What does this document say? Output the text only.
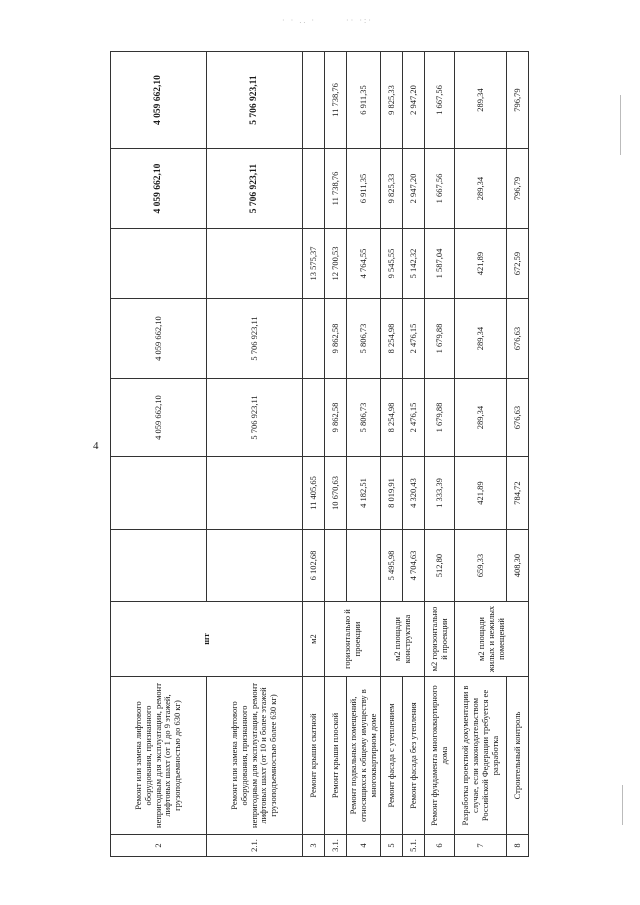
· · .. ·	·· ·:·
4
2	Ремонт или замена лифтового оборудования, признанного непригодным для эксплуатации, ремонт лифтовых шахт (от 1 до 9 этажей, грузоподъемностью до 630 кг)	шт			4 059 662,10	4 059 662,10		4 059 662,10	4 059 662,10
2.1.	Ремонт или замена лифтового оборудования, признанного непригодным для эксплуатации, ремонт лифтовых шахт (от 10 и более этажей грузоподъемностью более 630 кг)				5 706 923,11	5 706 923,11		5 706 923,11	5 706 923,11
3	Ремонт крыши скатной	м2	6 102,68	11 405,65			13 575,37		
3.1.	Ремонт крыши плоской	горизонтально й проекции		10 670,63	9 862,58	9 862,58	12 700,53	11 738,76	11 738,76
4	Ремонт подвальных помещений, относящихся к общему имуществу в многоквартирном доме			4 182,51	5 806,73	5 806,73	4 764,55	6 911,35	6 911,35
5	Ремонт фасада с утеплением	м2 площади конструктива	5 495,98	8 019,91	8 254,98	8 254,98	9 545,55	9 825,33	9 825,33
5.1.	Ремонт фасада без утепления		4 704,63	4 320,43	2 476,15	2 476,15	5 142,32	2 947,20	2 947,20
6	Ремонт фундамента многоквартирного дома	м2 горизонтально й проекции	512,80	1 333,39	1 679,88	1 679,88	1 587,04	1 667,56	1 667,56
7	Разработка проектной документации в случае, если законодательством Российской Федерации требуется ее разработка	м2 площади жилых и нежилых помещений	659,33	421,89	289,34	289,34	421,89	289,34	289,34
8	Строительный контроль		408,30	784,72	676,63	676,63	672,59	796,79	796,79
